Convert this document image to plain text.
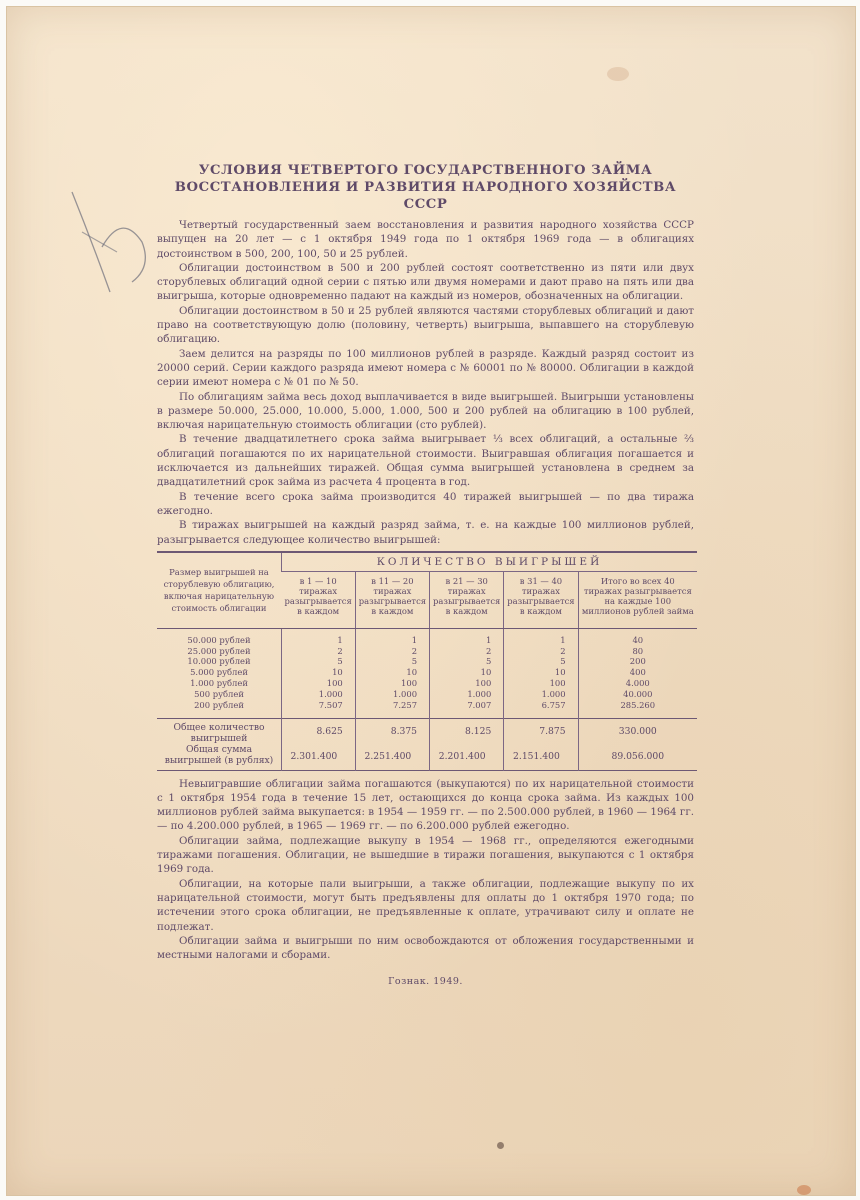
УСЛОВИЯ ЧЕТВЕРТОГО ГОСУДАРСТВЕННОГО ЗАЙМА
ВОССТАНОВЛЕНИЯ И РАЗВИТИЯ НАРОДНОГО ХОЗЯЙСТВА СССР

Четвертый государственный заем восстановления и развития народного хозяйства СССР выпущен на 20 лет — с 1 октября 1949 года по 1 октября 1969 года — в облигациях достоинством в 500, 200, 100, 50 и 25 рублей.

Облигации достоинством в 500 и 200 рублей состоят соответственно из пяти или двух сторублевых облигаций одной серии с пятью или двумя номерами и дают право на пять или два выигрыша, которые одновременно падают на каждый из номеров, обозначенных на облигации.

Облигации достоинством в 50 и 25 рублей являются частями сторублевых облигаций и дают право на соответствующую долю (половину, четверть) выигрыша, выпавшего на сторублевую облигацию.

Заем делится на разряды по 100 миллионов рублей в разряде. Каждый разряд состоит из 20000 серий. Серии каждого разряда имеют номера с № 60001 по № 80000. Облигации в каждой серии имеют номера с № 01 по № 50.

По облигациям займа весь доход выплачивается в виде выигрышей. Выигрыши установлены в размере 50.000, 25.000, 10.000, 5.000, 1.000, 500 и 200 рублей на облигацию в 100 рублей, включая нарицательную стоимость облигации (сто рублей).

В течение двадцатилетнего срока займа выигрывает ⅓ всех облигаций, а остальные ⅔ облигаций погашаются по их нарицательной стоимости. Выигравшая облигация погашается и исключается из дальнейших тиражей. Общая сумма выигрышей установлена в среднем за двадцатилетний срок займа из расчета 4 процента в год.

В течение всего срока займа производится 40 тиражей выигрышей — по два тиража ежегодно.

В тиражах выигрышей на каждый разряд займа, т. е. на каждые 100 миллионов рублей, разыгрывается следующее количество выигрышей:

Размер выигрышей на сторублевую облигацию, включая нарицательную стоимость облигации	КОЛИЧЕСТВО ВЫИГРЫШЕЙ				
	в 1 — 10 тиражах разыгрывается в каждом	в 11 — 20 тиражах разыгрывается в каждом	в 21 — 30 тиражах разыгрывается в каждом	в 31 — 40 тиражах разыгрывается в каждом	Итого во всех 40 тиражах разыгрывается на каждые 100 миллионов рублей займа
50.000 рублей	1	1	1	1	40
25.000 рублей	2	2	2	2	80
10.000 рублей	5	5	5	5	200
5.000 рублей	10	10	10	10	400
1.000 рублей	100	100	100	100	4.000
500 рублей	1.000	1.000	1.000	1.000	40.000
200 рублей	7.507	7.257	7.007	6.757	285.260
Общее количество выигрышей	8.625	8.375	8.125	7.875	330.000
Общая сумма выигрышей (в рублях)	2.301.400	2.251.400	2.201.400	2.151.400	89.056.000

Невыигравшие облигации займа погашаются (выкупаются) по их нарицательной стоимости с 1 октября 1954 года в течение 15 лет, остающихся до конца срока займа. Из каждых 100 миллионов рублей займа выкупается: в 1954 — 1959 гг. — по 2.500.000 рублей, в 1960 — 1964 гг. — по 4.200.000 рублей, в 1965 — 1969 гг. — по 6.200.000 рублей ежегодно.

Облигации займа, подлежащие выкупу в 1954 — 1968 гг., определяются ежегодными тиражами погашения. Облигации, не вышедшие в тиражи погашения, выкупаются с 1 октября 1969 года.

Облигации, на которые пали выигрыши, а также облигации, подлежащие выкупу по их нарицательной стоимости, могут быть предъявлены для оплаты до 1 октября 1970 года; по истечении этого срока облигации, не предъявленные к оплате, утрачивают силу и оплате не подлежат.

Облигации займа и выигрыши по ним освобождаются от обложения государственными и местными налогами и сборами.

Гознак. 1949.
